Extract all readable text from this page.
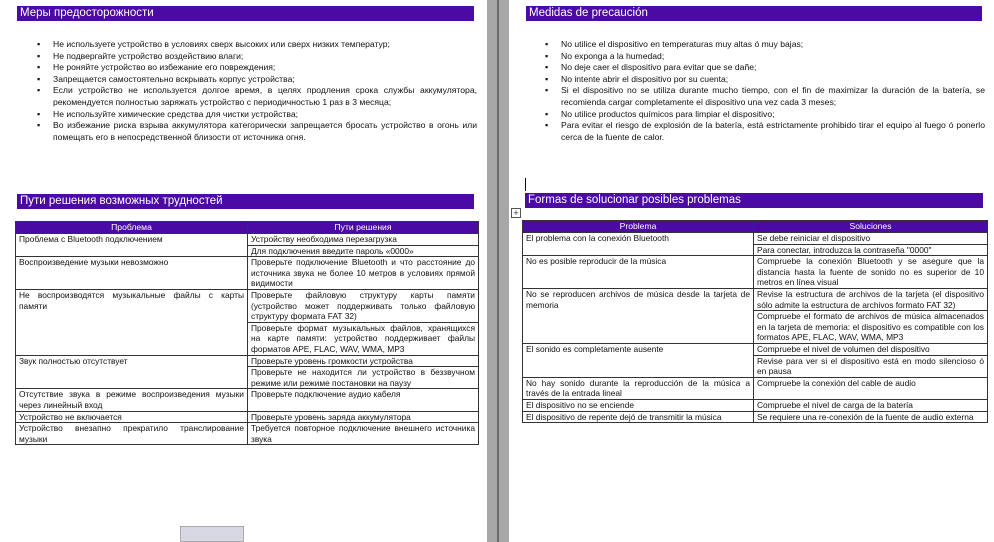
Меры предосторожности
▪ Не используете устройство в условиях сверх высоких или сверх низких температур;
▪ Не подвергайте устройство воздействию влаги;
▪ Не роняйте устройство во избежание его повреждения;
▪ Запрещается самостоятельно вскрывать корпус устройства;
▪ Если устройство не используется долгое время, в целях продления срока службы аккумулятора, рекомендуется полностью заряжать устройство с периодичностью 1 раз в 3 месяца;
▪ Не используйте химические средства для чистки устройства;
▪ Во избежание риска взрыва аккумулятора категорически запрещается бросать устройство в огонь или помещать его в непосредственной близости от источника огня.
Пути решения возможных трудностей
Проблема	Пути решения
Проблема с Bluetooth подключением	Устройству необходима перезагрузка
	Для подключения введите пароль «0000»
Воспроизведение музыки невозможно	Проверьте подключение Bluetooth и что расстояние до источника звука не более 10 метров в условиях прямой видимости
Не воспроизводятся музыкальные файлы с карты памяти	Проверьте файловую структуру карты памяти (устройство может поддерживать только файловую структуру формата FAT 32)
	Проверьте формат музыкальных файлов, хранящихся на карте памяти: устройство поддерживает файлы форматов APE, FLAC, WAV, WMA, MP3
Звук полностью отсутствует	Проверьте уровень громкости устройства
	Проверьте не находится ли устройство в беззвучном режиме или режиме постановки на паузу
Отсутствие звука в режиме воспроизведения музыки через линейный вход	Проверьте подключение аудио кабеля
Устройство не включается	Проверьте уровень заряда аккумулятора
Устройство внезапно прекратило транслирование музыки	Требуется повторное подключение внешнего источника звука
Medidas de precaución
▪ No utilice el dispositivo en temperaturas muy altas ó muy bajas;
▪ No exponga a la humedad;
▪ No deje caer el dispositivo para evitar que se dañe;
▪ No intente abrir el dispositivo por su cuenta;
▪ Si el dispositivo no se utiliza durante mucho tiempo, con el fin de maximizar la duración de la batería, se recomienda cargar completamente el dispositivo una vez cada 3 meses;
▪ No utilice productos químicos para limpiar el dispositivo;
▪ Para evitar el riesgo de explosión de la batería, está estrictamente prohibido tirar el equipo al fuego ó ponerlo cerca de la fuente de calor.
Formas de solucionar posibles problemas
Problema	Soluciones
El problema con la conexión Bluetooth	Se debe reiniciar el dispositivo
	Para conectar, introduzca la contraseña "0000"
No es posible reproducir de la música	Compruebe la conexión Bluetooth y se asegure que la distancia hasta la fuente de sonido no es superior de 10 metros en línea visual
No se reproducen archivos de música desde la tarjeta de memoria	Revise la estructura de archivos de la tarjeta (el dispositivo sólo admite la estructura de archivos formato FAT 32)
	Compruebe el formato de archivos de música almacenados en la tarjeta de memoria: el dispositivo es compatible con los formatos APE, FLAC, WAV, WMA, MP3
El sonido es completamente ausente	Compruebe el nivel de volumen del dispositivo
	Revise para ver si el dispositivo está en modo silencioso ó en pausa
No hay sonido durante la reproducción de la música a través de la entrada lineal	Compruebe la conexión del cable de audio
El dispositivo no se enciende	Compruebe el nivel de carga de la batería
El dispositivo de repente dejó de transmitir la música	Se requiere una re-conexión de la fuente de audio externa
+
